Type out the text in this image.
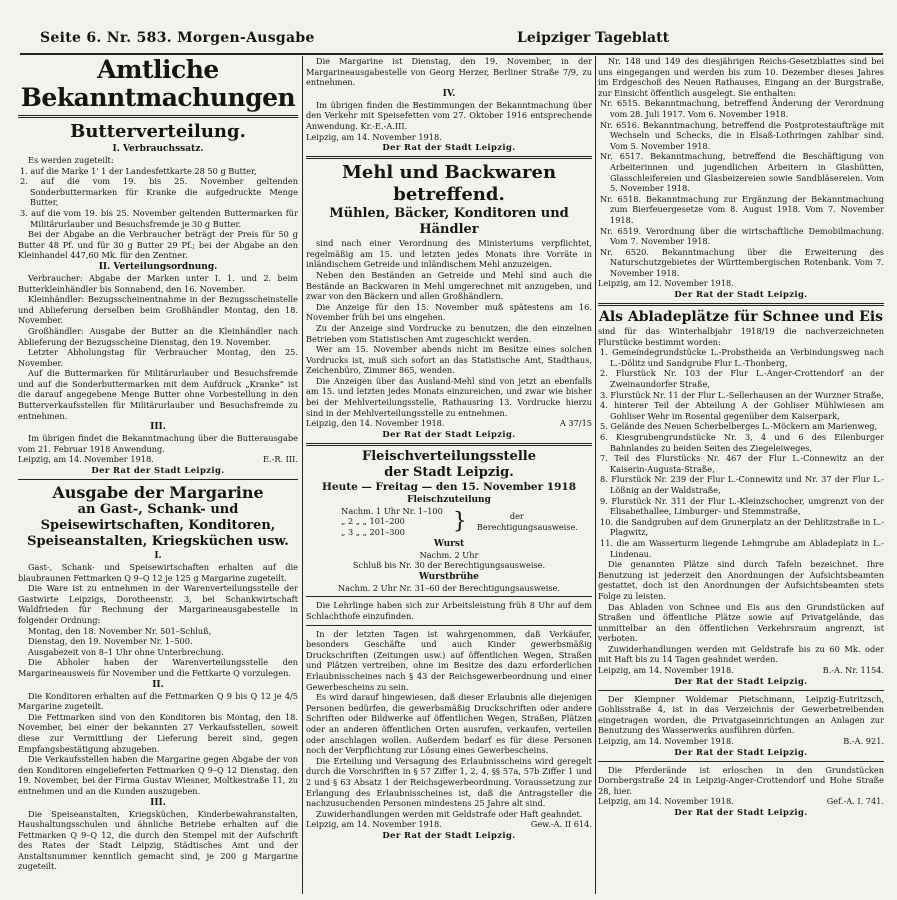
Seite 6. Nr. 583. Morgen-Ausgabe	Leipziger Tageblatt
Amtliche Bekanntmachungen
Butterverteilung.
I. Verbrauchssatz.

Es werden zugeteilt:

1. auf die Marke 1' 1 der Landesfettkarte 28 50 g Butter,

2. auf die vom 19. bis 25. November geltenden Sonderbuttermarken für Kranke die aufgedruckte Menge Butter,

3. auf die vom 19. bis 25. November geltenden Buttermarken für Militärurlauber und Besuchsfremde je 30 g Butter.

Bei der Abgabe an die Verbraucher beträgt der Preis für 50 g Butter 48 Pf. und für 30 g Butter 29 Pf.; bei der Abgabe an den Kleinhandel 447,60 Mk. für den Zentner.

II. Verteilungsordnung.

Verbraucher: Abgabe der Marken unter I. 1. und 2. beim Butterkleinhändler bis Sonnabend, den 16. November.

Kleinhändler: Bezugsscheinentnahme in der Bezugsscheinstelle und Ablieferung derselben beim Großhändler Montag, den 18. November.

Großhändler: Ausgabe der Butter an die Kleinhändler nach Ablieferung der Bezugsscheine Dienstag, den 19. November.

Letzter Abholungstag für Verbraucher Montag, den 25. November.

Auf die Buttermarken für Militärurlauber und Besuchsfremde und auf die Sonderbuttermarken mit dem Aufdruck „Kranke“ ist die darauf angegebene Menge Butter ohne Vorbestellung in den Butterverkaufsstellen für Militärurlauber und Besuchsfremde zu entnehmen.

III.

Im übrigen findet die Bekanntmachung über die Butterausgabe vom 21. Februar 1918 Anwendung.

Leipzig, am 14. November 1918.	E.-R. III.
Der Rat der Stadt Leipzig.
Ausgabe der Margarine
an Gast-, Schank- und Speisewirtschaften, Konditoren, Speiseanstalten, Kriegsküchen usw.
I.

Gast-, Schank- und Speisewirtschaften erhalten auf die blaubraunen Fettmarken Q 9–Q 12 je 125 g Margarine zugeteilt.

Die Ware ist zu entnehmen in der Warenverteilungsstelle der Gastwirte Leipzigs, Dorotheenstr. 3, bei Schankwirtschaft Waldfrieden für Rechnung der Margarineausgabestelle in folgender Ordnung:

Montag, den 18. November Nr. 501–Schluß,

Dienstag, den 19. November Nr. 1–500.

Ausgabezeit von 8–1 Uhr ohne Unterbrechung.

Die Abholer haben der Warenverteilungsstelle den Margarineausweis für November und die Fettkarte Q vorzulegen.

II.

Die Konditoren erhalten auf die Fettmarken Q 9 bis Q 12 je 4/5 Margarine zugeteilt.

Die Fettmarken sind von den Konditoren bis Montag, den 18. November, bei einer der bekannten 27 Verkaufsstellen, soweit diese zur Vermittlung der Lieferung bereit sind, gegen Empfangsbestätigung abzugeben.

Die Verkaufsstellen haben die Margarine gegen Abgabe der von den Konditoren eingelieferten Fettmarken Q 9–Q 12 Dienstag, den 19. November, bei der Firma Gustav Wiesner, Moltkestraße 11, zu entnehmen und an die Kunden auszugeben.

III.

Die Speiseanstalten, Kriegsküchen, Kinderbewahranstalten, Haushaltungsschulen und ähnliche Betriebe erhalten auf die Fettmarken Q 9–Q 12, die durch den Stempel mit der Aufschrift des Rates der Stadt Leipzig, Städtisches Amt und der Anstaltsnummer kenntlich gemacht sind, je 200 g Margarine zugeteilt.

Die Margarine ist Dienstag, den 19. November, in der Margarineausgabestelle von Georg Herzer, Berliner Straße 7/9, zu entnehmen.

IV.

Im übrigen finden die Bestimmungen der Bekanntmachung über den Verkehr mit Speisefetten vom 27. Oktober 1916 entsprechende Anwendung. Kr.-E.-A.III.

Leipzig, am 14. November 1918.
Der Rat der Stadt Leipzig.
Mehl und Backwaren betreffend.
Mühlen, Bäcker, Konditoren und Händler

sind nach einer Verordnung des Ministeriums verpflichtet, regelmäßig am 15. und letzten jedes Monats ihre Vorräte in inländischem Getreide und inländischem Mehl anzuzeigen.

Neben den Beständen an Getreide und Mehl sind auch die Bestände an Backwaren in Mehl umgerechnet mit anzugeben, und zwar von den Bäckern und allen Großhändlern.

Die Anzeige für den 15. November muß spätestens am 16. November früh bei uns eingehen.

Zu der Anzeige sind Vordrucke zu benutzen, die den einzelnen Betrieben vom Statistischen Amt zugeschickt werden.

Wer am 15. November abends nicht im Besitze eines solchen Vordrucks ist, muß sich sofort an das Statistische Amt, Stadthaus, Zeichenbüro, Zimmer 865, wenden.

Die Anzeigen über das Ausland-Mehl sind von jetzt an ebenfalls am 15. und letzten jedes Monats einzureichen, und zwar wie bisher bei der Mehlverteilungsstelle, Rathausring 13. Vordrucke hierzu sind in der Mehlverteilungsstelle zu entnehmen.

Leipzig, den 14. November 1918.	A 37/15
Der Rat der Stadt Leipzig.
Fleischverteilungsstelle
der Stadt Leipzig.
Heute — Freitag — den 15. November 1918
Fleischzuteilung
Nachm. 1 Uhr Nr. 1–100
„ 2 „ „ 101–200
„ 3 „ „ 201–300	}	der Berechtigungsausweise.
Wurst

Nachm. 2 Uhr

Schluß bis Nr. 30 der Berechtigungsausweise.

Wurstbrühe

Nachm. 2 Uhr Nr. 31–60 der Berechtigungsausweise.

Die Lehrlinge haben sich zur Arbeitsleistung früh 8 Uhr auf dem Schlachthofe einzufinden.

In der letzten Tagen ist wahrgenommen, daß Verkäufer, besonders Geschäfte und auch Kinder gewerbsmäßig Druckschriften (Zeitungen usw.) auf öffentlichen Wegen, Straßen und Plätzen vertreiben, ohne im Besitze des dazu erforderlichen Erlaubnisscheines nach § 43 der Reichsgewerbeordnung und einer Gewerbescheins zu sein.

Es wird darauf hingewiesen, daß dieser Erlaubnis alle diejenigen Personen bedürfen, die gewerbsmäßig Druckschriften oder andere Schriften oder Bildwerke auf öffentlichen Wegen, Straßen, Plätzen oder an anderen öffentlichen Orten ausrufen, verkaufen, verteilen oder anschlagen wollen. Außerdem bedarf es für diese Personen noch der Verpflichtung zur Lösung eines Gewerbescheins.

Die Erteilung und Versagung des Erlaubnisscheins wird geregelt durch die Vorschriften in § 57 Ziffer 1, 2, 4, §§ 57a, 57b Ziffer 1 und 2 und § 63 Absatz 1 der Reichsgewerbeordnung. Voraussetzung zur Erlangung des Erlaubnisscheines ist, daß die Antragsteller die nachzusuchenden Personen mindestens 25 Jahre alt sind.

Zuwiderhandlungen werden mit Geldstrafe oder Haft geahndet.

Leipzig, am 14. November 1918.	Gew.-A. II 614.
Der Rat der Stadt Leipzig.

Nr. 148 und 149 des diesjährigen Reichs-Gesetzblattes sind bei uns eingegangen und werden bis zum 10. Dezember dieses Jahres im Erdgeschoß des Neuen Rathauses, Eingang an der Burgstraße, zur Einsicht öffentlich ausgelegt. Sie enthalten:

Nr. 6515. Bekanntmachung, betreffend Änderung der Verordnung vom 28. Juli 1917. Vom 6. November 1918.

Nr. 6516. Bekanntmachung, betreffend die Postprotestaufträge mit Wechseln und Schecks, die in Elsaß-Lothringen zahlbar sind. Vom 5. November 1918.

Nr. 6517. Bekanntmachung, betreffend die Beschäftigung von Arbeiterinnen und jugendlichen Arbeitern in Glashütten, Glasschleifereien und Glasbeizereien sowie Sandbläsereien. Vom 5. November 1918.

Nr. 6518. Bekanntmachung zur Ergänzung der Bekanntmachung zum Bierfeuergesetze vom 8. August 1918. Vom 7. November 1918.

Nr. 6519. Verordnung über die wirtschaftliche Demobilmachung. Vom 7. November 1918.

Nr. 6520. Bekanntmachung über die Erweiterung des Naturschutzgebietes der Württembergischen Rotenbank. Vom 7. November 1918.

Leipzig, am 12. November 1918.
Der Rat der Stadt Leipzig.
Als Abladeplätze für Schnee und Eis

sind für das Winterhalbjahr 1918/19 die nachverzeichneten Flurstücke bestimmt worden:

1. Gemeindegrundstücke L.-Probstheida an Verbindungsweg nach L.-Dölitz und Sandgrube Flur L.-Thonberg,

2. Flurstück Nr. 103 der Flur L.-Anger-Crottendorf an der Zweinaundorfer Straße,

3. Flurstück Nr. 11 der Flur L.-Sellerhausen an der Wurzner Straße,

4. hinterer Teil der Abteilung A der Gohliser Mühlwiesen am Gohliser Wehr im Rosental gegenüber dem Kaiserpark,

5. Gelände des Neuen Scherbelberges L.-Möckern am Marienweg,

6. Kiesgrubengrundstücke Nr. 3, 4 und 6 des Eilenburger Bahnlandes zu beiden Seiten des Ziegeleiweges,

7. Teil des Flurstücks Nr. 467 der Flur L.-Connewitz an der Kaiserin-Augusta-Straße,

8. Flurstück Nr. 239 der Flur L.-Connewitz und Nr. 37 der Flur L.-Lößnig an der Waldstraße,

9. Flurstück Nr. 311 der Flur L.-Kleinzschocher, umgrenzt von der Elisabethallee, Limburger- und Stemmstraße,

10. die Sandgruben auf dem Grunerplatz an der Dehlitzstraße in L.-Plagwitz,

11. die am Wasserturm liegende Lehmgrube am Abladeplatz in L.-Lindenau.

Die genannten Plätze sind durch Tafeln bezeichnet. Ihre Benutzung ist jederzeit den Anordnungen der Aufsichtsbeamten gestattet, doch ist den Anordnungen der Aufsichtsbeamten stets Folge zu leisten.

Das Abladen von Schnee und Eis aus den Grundstücken auf Straßen und öffentliche Plätze sowie auf Privatgelände, das unmittelbar an den öffentlichen Verkehrsraum angrenzt, ist verboten.

Zuwiderhandlungen werden mit Geldstrafe bis zu 60 Mk. oder mit Haft bis zu 14 Tagen geahndet werden.

Leipzig, am 14. November 1918.	B.-A. Nr. 1154.
Der Rat der Stadt Leipzig.

Der Klempner Woldemar Pietschmann, Leipzig-Eutritzsch, Gohlisstraße 4, ist in das Verzeichnis der Gewerbetreibenden eingetragen worden, die Privatgaseinrichtungen an Anlagen zur Benutzung des Wasserwerks ausführen dürfen.

Leipzig, am 14. November 1918.	B.-A. 921.
Der Rat der Stadt Leipzig.

Die Pferderände ist erloschen in den Grundstücken Dornbergstraße 24 in Leipzig-Anger-Crottendorf und Hohe Straße 28, hier.

Leipzig, am 14. November 1918.	Gef.-A. I. 741.
Der Rat der Stadt Leipzig.
